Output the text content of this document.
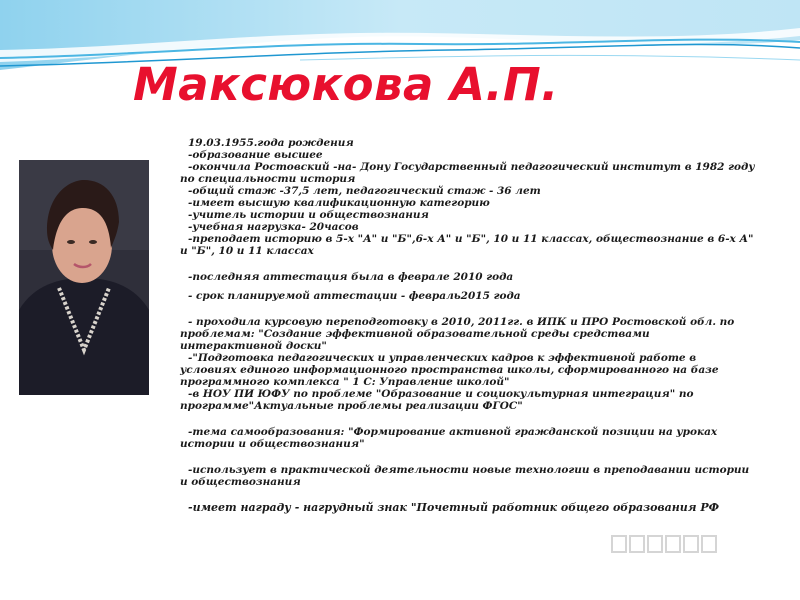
Максюкова А.П.

19.03.1955.года рождения

-образование высшее

-окончила Ростовский -на- Дону Государственный педагогический институт в 1982 году по специальности история

-общий стаж -37,5 лет, педагогический стаж - 36 лет

-имеет высшую квалификационную категорию

-учитель истории и обществознания

-учебная нагрузка- 20часов

-преподает историю в 5-х "А" и "Б",6-х А" и "Б", 10 и 11 классах, обществознание в 6-х А" и "Б", 10 и 11 классах

-последняя аттестация была в феврале 2010 года

- срок планируемой аттестации - февраль2015 года

- проходила курсовую переподготовку в 2010, 2011гг. в ИПК и ПРО Ростовской обл. по проблемам: "Создание эффективной образовательной среды средствами интерактивной доски"

-"Подготовка педагогических и управленческих кадров к эффективной работе в условиях единого информационного пространства школы, сформированного на базе программного комплекса " 1 С: Управление школой"

-в НОУ ПИ ЮФУ по проблеме "Образование и социокультурная интеграция" по программе"Актуальные проблемы реализации ФГОС"

-тема самообразования: "Формирование активной гражданской позиции на уроках истории и обществознания"

-использует в практической деятельности новые технологии в преподавании истории и обществознания

-имеет награду - нагрудный знак "Почетный работник общего образования РФ
